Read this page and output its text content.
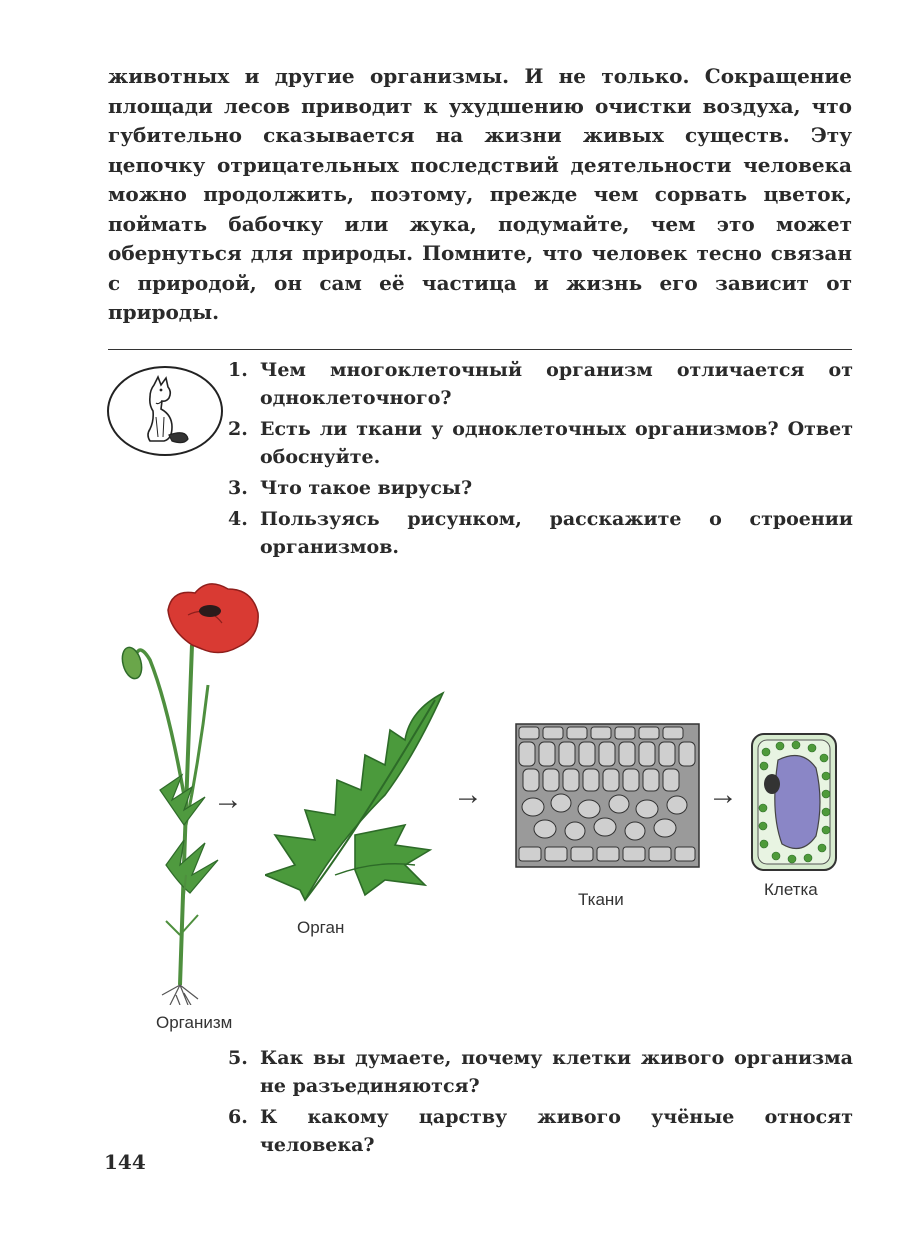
животных и другие организмы. И не только. Сокращение площади лесов приводит к ухудшению очистки воздуха, что губительно сказывается на жизни живых существ. Эту цепочку отрицательных последствий деятельности человека можно продолжить, поэтому, прежде чем сорвать цветок, поймать бабочку или жука, подумайте, чем это может обернуться для природы. Помните, что человек тесно связан с природой, он сам её частица и жизнь его зависит от природы.

1. Чем многоклеточный организм отличается от одноклеточного?
2. Есть ли ткани у одноклеточных организмов? Ответ обоснуйте.
3. Что такое вирусы?
4. Пользуясь рисунком, расскажите о строении организмов.
→
Орган
→
Ткани
→
Клетка
Организм
5. Как вы думаете, почему клетки живого организма не разъединяются?
6. К какому царству живого учёные относят человека?
144
